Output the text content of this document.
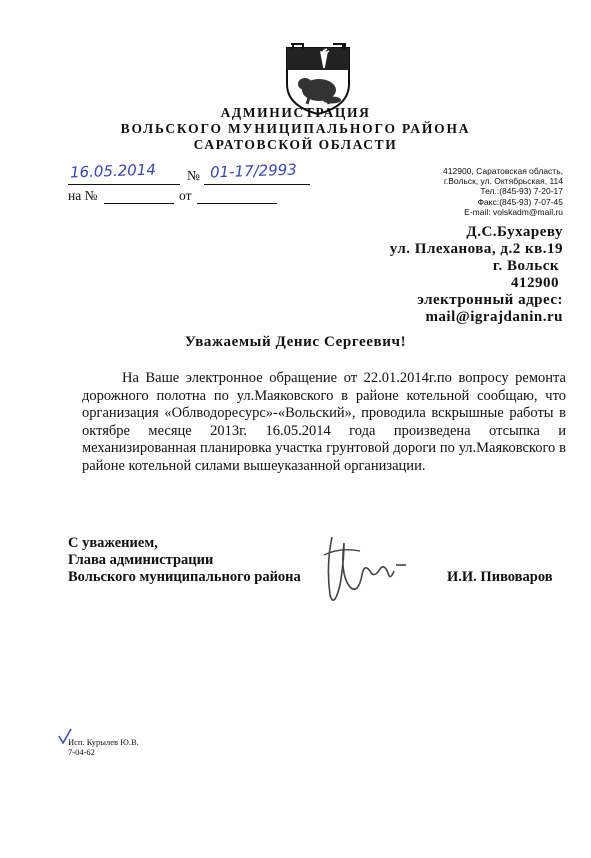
АДМИНИСТРАЦИЯ
ВОЛЬСКОГО МУНИЦИПАЛЬНОГО РАЙОНА
САРАТОВСКОЙ ОБЛАСТИ
16.05.2014 № 01-17/2993
на №	от
412900, Саратовская область,
г.Вольск, ул. Октябрьская, 114
Тел.:(845-93) 7-20-17
Факс:(845-93) 7-07-45
E-mail: volskadm@mail.ru
Д.С.Бухареву
ул. Плеханова, д.2 кв.19
г. Вольск
412900
электронный адрес:
mail@igrajdanin.ru
Уважаемый Денис Сергеевич!

На Ваше электронное обращение от 22.01.2014г.по вопросу ремонта дорожного полотна по ул.Маяковского в районе котельной сообщаю, что организация «Облводоресурс»-«Вольский», проводила вскрышные работы в октябре месяце 2013г. 16.05.2014 года произведена отсыпка и механизированная планировка участка грунтовой дороги по ул.Маяковского в районе котельной силами вышеуказанной организации.

С уважением,
Глава администрации
Вольского муниципального района	И.И. Пивоваров
Исп. Курылев Ю.В.
7-04-62
